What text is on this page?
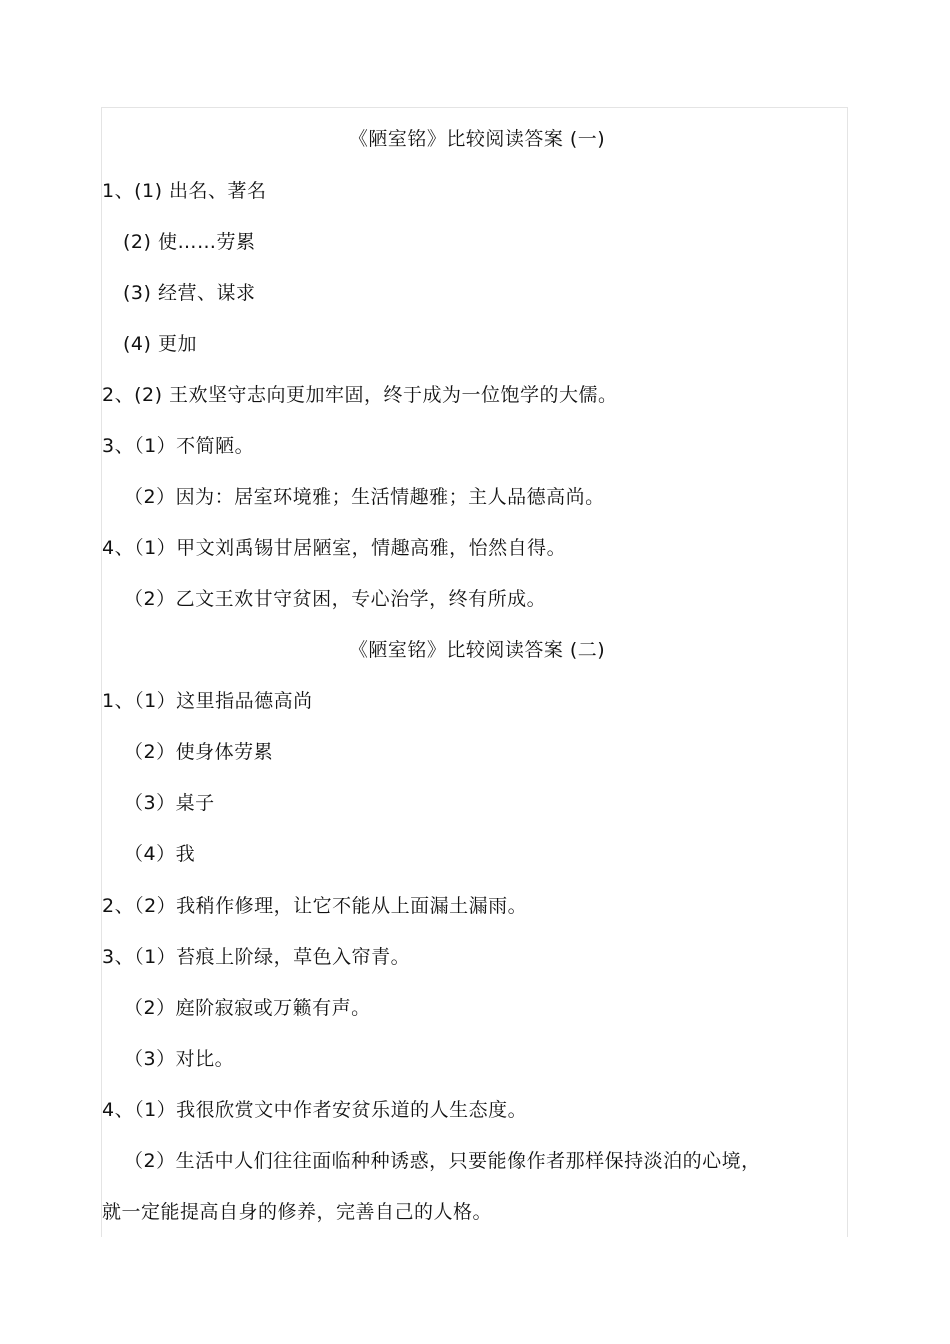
《陋室铭》比较阅读答案 (一)
1、(1) 出名、著名
(2) 使……劳累
(3) 经营、谋求
(4) 更加
2、(2) 王欢坚守志向更加牢固，终于成为一位饱学的大儒。
3、（1）不简陋。
（2）因为：居室环境雅；生活情趣雅；主人品德高尚。
4、（1）甲文刘禹锡甘居陋室，情趣高雅，怡然自得。
（2）乙文王欢甘守贫困，专心治学，终有所成。
《陋室铭》比较阅读答案 (二)
1、（1）这里指品德高尚
（2）使身体劳累
（3）桌子
（4）我
2、（2）我稍作修理，让它不能从上面漏土漏雨。
3、（1）苔痕上阶绿，草色入帘青。
（2）庭阶寂寂或万籁有声。
（3）对比。
4、（1）我很欣赏文中作者安贫乐道的人生态度。
（2）生活中人们往往面临种种诱惑，只要能像作者那样保持淡泊的心境，
就一定能提高自身的修养，完善自己的人格。
